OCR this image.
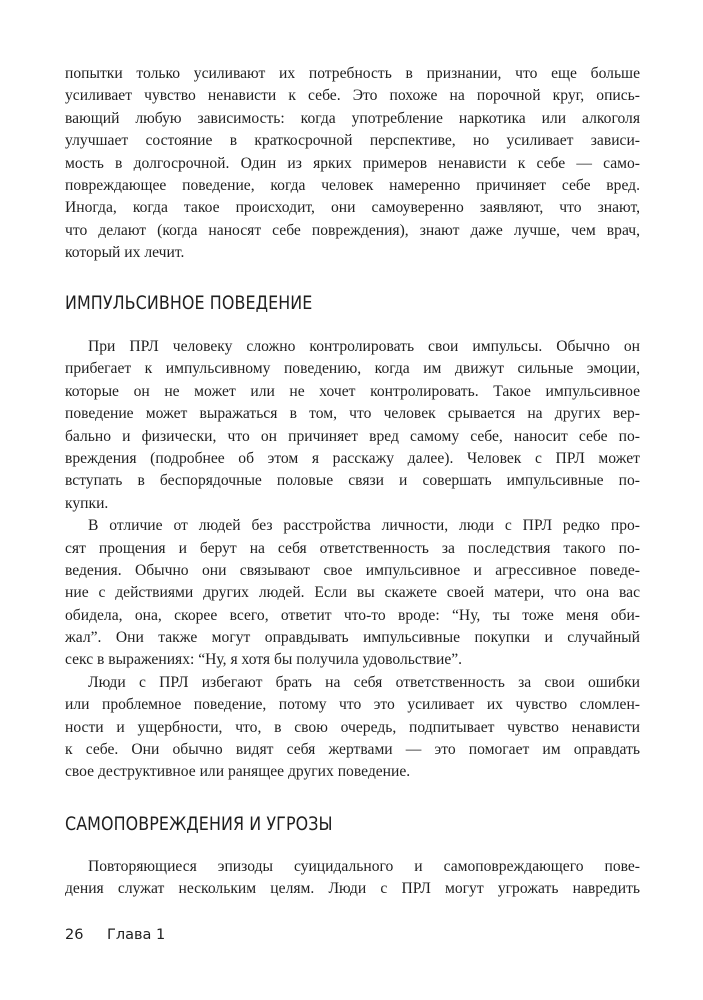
попытки только усиливают их потребность в признании, что еще больше
усиливает чувство ненависти к себе. Это похоже на порочной круг, опись-
вающий любую зависимость: когда употребление наркотика или алкоголя
улучшает состояние в краткосрочной перспективе, но усиливает зависи-
мость в долгосрочной. Один из ярких примеров ненависти к себе — само-
повреждающее поведение, когда человек намеренно причиняет себе вред.
Иногда, когда такое происходит, они самоуверенно заявляют, что знают,
что делают (когда наносят себе повреждения), знают даже лучше, чем врач,
который их лечит.
ИМПУЛЬСИВНОЕ ПОВЕДЕНИЕ
При ПРЛ человеку сложно контролировать свои импульсы. Обычно он
прибегает к импульсивному поведению, когда им движут сильные эмоции,
которые он не может или не хочет контролировать. Такое импульсивное
поведение может выражаться в том, что человек срывается на других вер-
бально и физически, что он причиняет вред самому себе, наносит себе по-
вреждения (подробнее об этом я расскажу далее). Человек с ПРЛ может
вступать в беспорядочные половые связи и совершать импульсивные по-
купки.
В отличие от людей без расстройства личности, люди с ПРЛ редко про-
сят прощения и берут на себя ответственность за последствия такого по-
ведения. Обычно они связывают свое импульсивное и агрессивное поведе-
ние с действиями других людей. Если вы скажете своей матери, что она вас
обидела, она, скорее всего, ответит что-то вроде: “Ну, ты тоже меня оби-
жал”. Они также могут оправдывать импульсивные покупки и случайный
секс в выражениях: “Ну, я хотя бы получила удовольствие”.
Люди с ПРЛ избегают брать на себя ответственность за свои ошибки
или проблемное поведение, потому что это усиливает их чувство сломлен-
ности и ущербности, что, в свою очередь, подпитывает чувство ненависти
к себе. Они обычно видят себя жертвами — это помогает им оправдать
свое деструктивное или ранящее других поведение.
САМОПОВРЕЖДЕНИЯ И УГРОЗЫ
Повторяющиеся эпизоды суицидального и самоповреждающего пове-
дения служат нескольким целям. Люди с ПРЛ могут угрожать навредить
26 Глава 1
